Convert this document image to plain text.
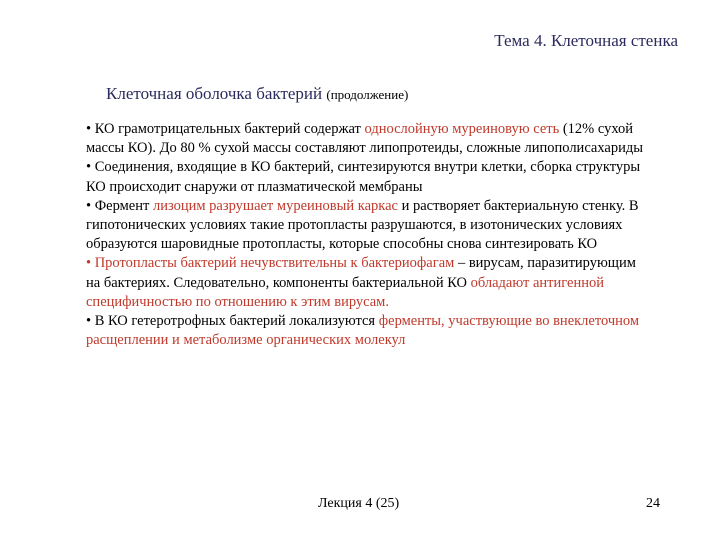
Тема 4. Клеточная стенка
Клеточная оболочка бактерий (продолжение)

• КО грамотрицательных бактерий содержат однослойную муреиновую сеть (12% сухой массы КО). До 80 % сухой массы составляют липопротеиды, сложные липополисахариды

• Соединения, входящие в КО бактерий, синтезируются внутри клетки, сборка структуры КО происходит снаружи от плазматической мембраны

• Фермент лизоцим разрушает муреиновый каркас и растворяет бактериальную стенку. В гипотонических условиях такие протопласты разрушаются, в изотонических условиях образуются шаровидные протопласты, которые способны снова синтезировать КО

• Протопласты бактерий нечувствительны к бактериофагам – вирусам, паразитирующим на бактериях. Следовательно, компоненты бактериальной КО обладают антигенной специфичностью по отношению к этим вирусам.

• В КО гетеротрофных бактерий локализуются ферменты, участвующие во внеклеточном расщеплении и метаболизме органических молекул

Лекция 4 (25)	24
